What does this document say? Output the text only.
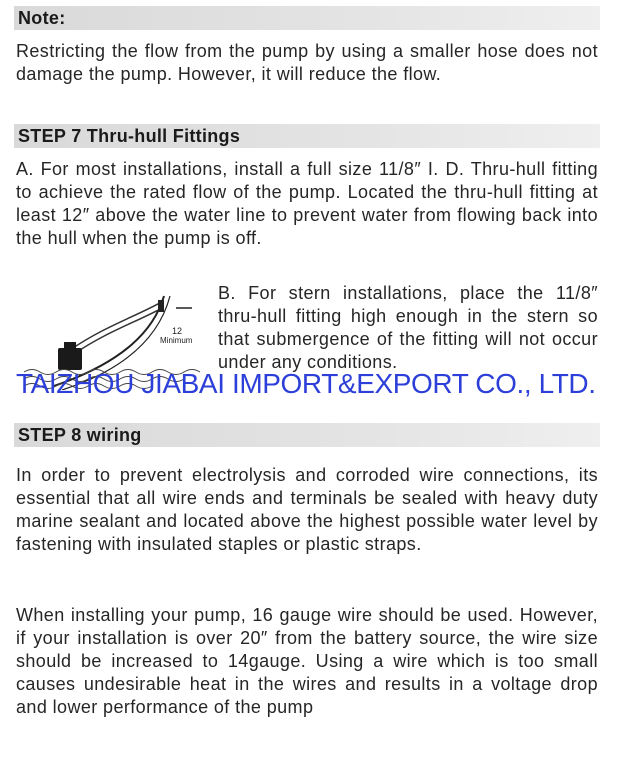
Note:
Restricting the flow from the pump by using a smaller hose does not damage the pump. However, it will reduce the flow.
STEP 7 Thru-hull Fittings
A. For most installations, install a full size 11/8″ I. D. Thru-hull fitting to achieve the rated flow of the pump. Located the thru-hull fitting at least 12″ above the water line to prevent water from flowing back into the hull when the pump is off.
12
Minimum
B. For stern installations, place the 11/8″ thru-hull fitting high enough in the stern so that submergence of the fitting will not occur under any conditions.
TAIZHOU JIABAI IMPORT&EXPORT CO., LTD.
STEP 8 wiring
In order to prevent electrolysis and corroded wire connections, its essential that all wire ends and terminals be sealed with heavy duty marine sealant and located above the highest possible water level by fastening with insulated staples or plastic straps.
When installing your pump, 16 gauge wire should be used. However, if your installation is over 20″ from the battery source, the wire size should be increased to 14gauge. Using a wire which is too small causes undesirable heat in the wires and results in a voltage drop and lower performance of the pump
